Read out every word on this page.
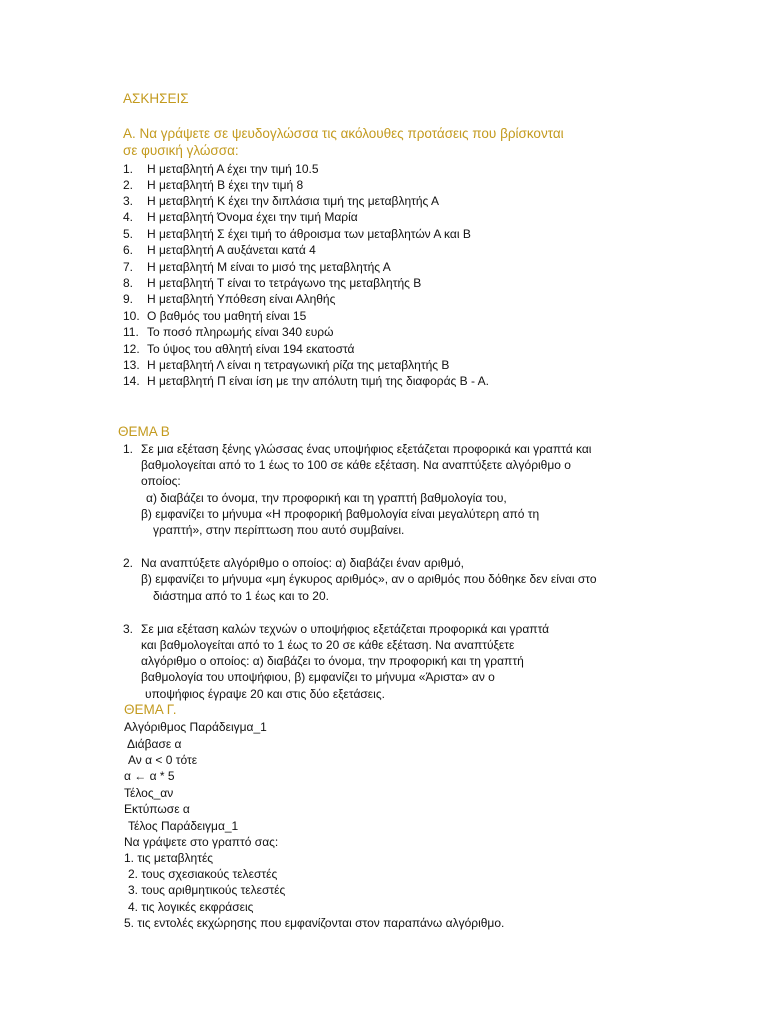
ΑΣΚΗΣΕΙΣ
Α. Να γράψετε σε ψευδογλώσσα τις ακόλουθες προτάσεις που βρίσκονται
σε φυσική γλώσσα:
1. Η μεταβλητή Α έχει την τιμή 10.5
2. Η μεταβλητή Β έχει την τιμή 8
3. Η μεταβλητή Κ έχει την διπλάσια τιμή της μεταβλητής Α
4. Η μεταβλητή Όνομα έχει την τιμή Μαρία
5. Η μεταβλητή Σ έχει τιμή το άθροισμα των μεταβλητών Α και Β
6. Η μεταβλητή Α αυξάνεται κατά 4
7. Η μεταβλητή Μ είναι το μισό της μεταβλητής Α
8. Η μεταβλητή Τ είναι το τετράγωνο της μεταβλητής Β
9. Η μεταβλητή Υπόθεση είναι Αληθής
10. Ο βαθμός του μαθητή είναι 15
11. Το ποσό πληρωμής είναι 340 ευρώ
12. Το ύψος του αθλητή είναι 194 εκατοστά
13. Η μεταβλητή Λ είναι η τετραγωνική ρίζα της μεταβλητής Β
14. Η μεταβλητή Π είναι ίση με την απόλυτη τιμή της διαφοράς Β - Α.
ΘΕΜΑ Β
1. Σε μια εξέταση ξένης γλώσσας ένας υποψήφιος εξετάζεται προφορικά και γραπτά και
βαθμολογείται από το 1 έως το 100 σε κάθε εξέταση. Να αναπτύξετε αλγόριθμο ο
οποίος:
α) διαβάζει το όνομα, την προφορική και τη γραπτή βαθμολογία του,
β) εμφανίζει το μήνυμα «Η προφορική βαθμολογία είναι μεγαλύτερη από τη
γραπτή», στην περίπτωση που αυτό συμβαίνει.
2. Να αναπτύξετε αλγόριθμο ο οποίος: α) διαβάζει έναν αριθμό,
β) εμφανίζει το μήνυμα «μη έγκυρος αριθμός», αν ο αριθμός που δόθηκε δεν είναι στο
διάστημα από το 1 έως και το 20.
3. Σε μια εξέταση καλών τεχνών ο υποψήφιος εξετάζεται προφορικά και γραπτά
και βαθμολογείται από το 1 έως το 20 σε κάθε εξέταση. Να αναπτύξετε
αλγόριθμο ο οποίος: α) διαβάζει το όνομα, την προφορική και τη γραπτή
βαθμολογία του υποψήφιου, β) εμφανίζει το μήνυμα «Άριστα» αν ο
υποψήφιος έγραψε 20 και στις δύο εξετάσεις.
ΘΕΜΑ Γ.
Αλγόριθμος Παράδειγμα_1
Διάβασε α
Αν α < 0 τότε
α ← α * 5
Τέλος_αν
Εκτύπωσε α
Τέλος Παράδειγμα_1
Να γράψετε στο γραπτό σας:
1. τις μεταβλητές
2. τους σχεσιακούς τελεστές
3. τους αριθμητικούς τελεστές
4. τις λογικές εκφράσεις
5. τις εντολές εκχώρησης που εμφανίζονται στον παραπάνω αλγόριθμο.
